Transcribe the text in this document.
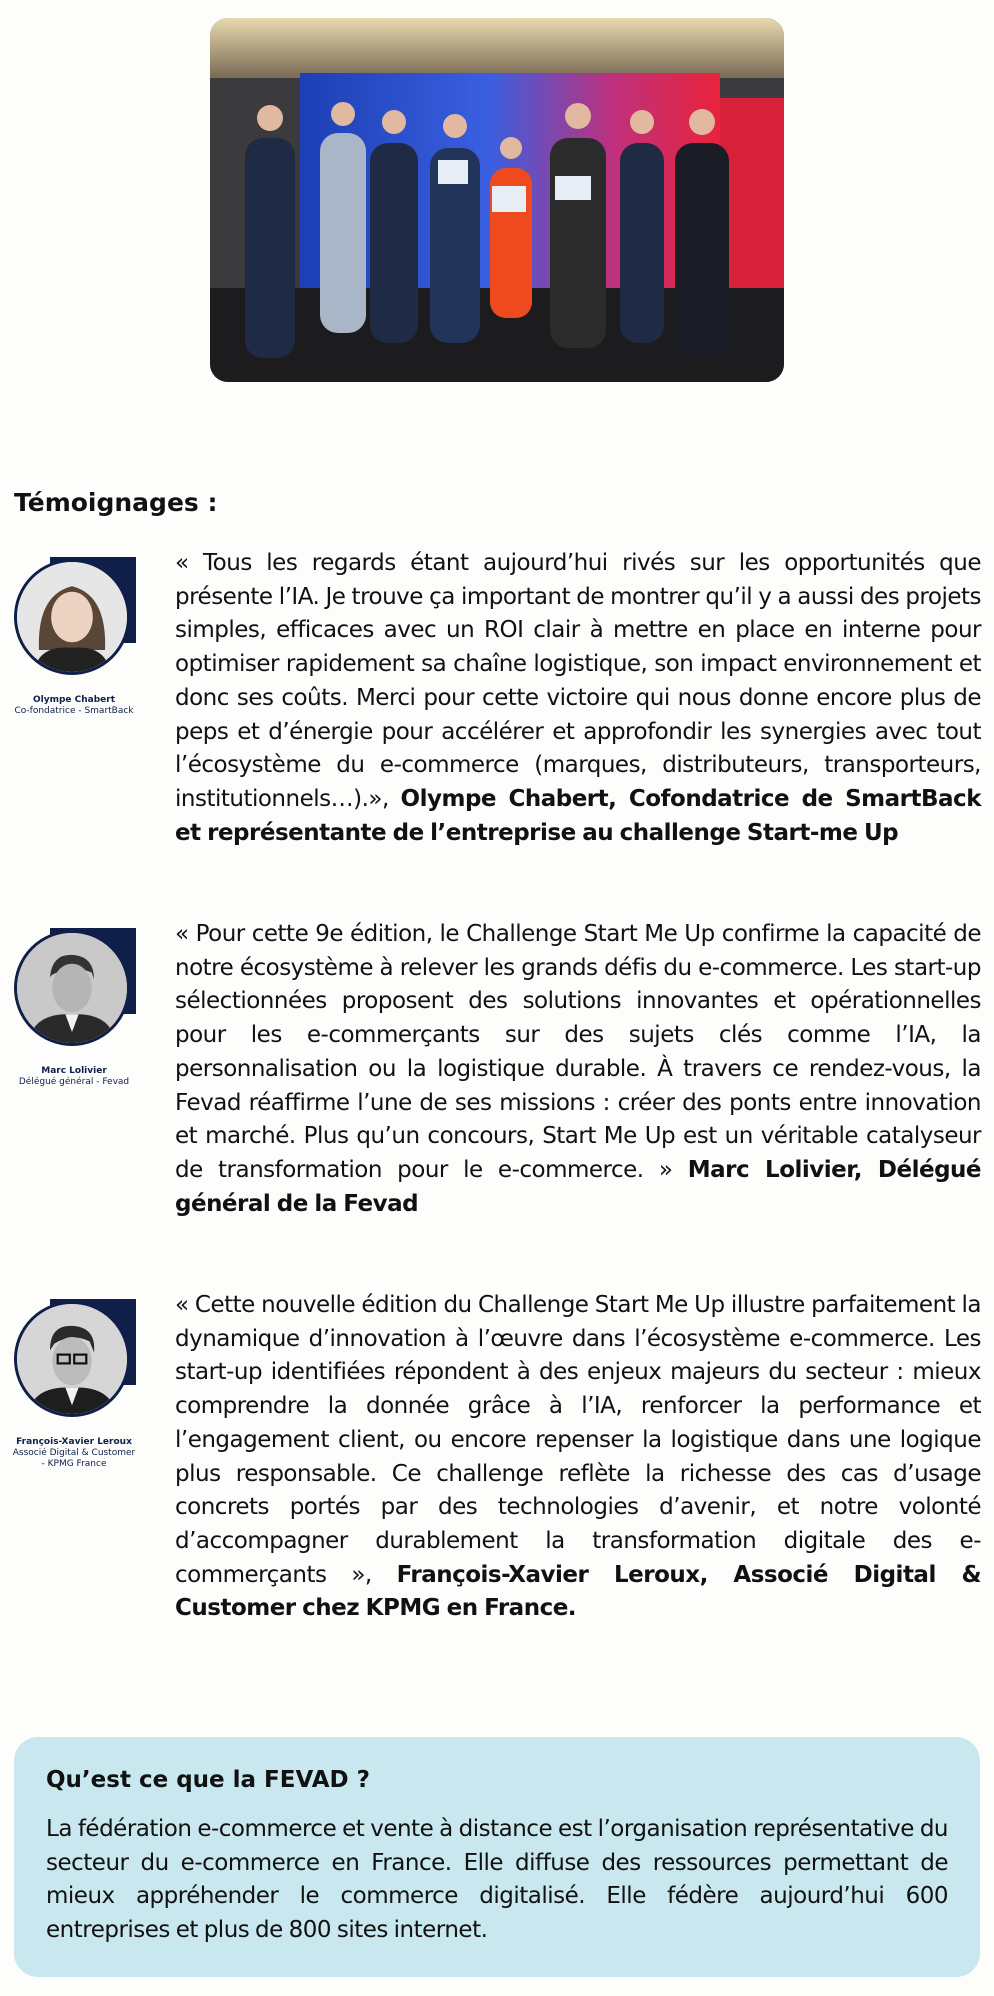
Témoignages :
Olympe Chabert
Co-fondatrice - SmartBack

« Tous les regards étant aujourd’hui rivés sur les opportunités que présente l’IA. Je trouve ça important de montrer qu’il y a aussi des projets simples, efficaces avec un ROI clair à mettre en place en interne pour optimiser rapidement sa chaîne logistique, son impact environnement et donc ses coûts. Merci pour cette victoire qui nous donne encore plus de peps et d’énergie pour accélérer et approfondir les synergies avec tout l’écosystème du e-commerce (marques, distributeurs, transporteurs, institutionnels…).», Olympe Chabert, Cofondatrice de SmartBack et représentante de l’entreprise au challenge Start-me Up

Marc Lolivier
Délégué général - Fevad

« Pour cette 9e édition, le Challenge Start Me Up confirme la capacité de notre écosystème à relever les grands défis du e-commerce. Les start-up sélectionnées proposent des solutions innovantes et opérationnelles pour les e-commerçants sur des sujets clés comme l’IA, la personnalisation ou la logistique durable. À travers ce rendez-vous, la Fevad réaffirme l’une de ses missions : créer des ponts entre innovation et marché. Plus qu’un concours, Start Me Up est un véritable catalyseur de transformation pour le e-commerce. » Marc Lolivier, Délégué général de la Fevad

François-Xavier Leroux
Associé Digital & Customer - KPMG France

« Cette nouvelle édition du Challenge Start Me Up illustre parfaitement la dynamique d’innovation à l’œuvre dans l’écosystème e-commerce. Les start-up identifiées répondent à des enjeux majeurs du secteur : mieux comprendre la donnée grâce à l’IA, renforcer la performance et l’engagement client, ou encore repenser la logistique dans une logique plus responsable. Ce challenge reflète la richesse des cas d’usage concrets portés par des technologies d’avenir, et notre volonté d’accompagner durablement la transformation digitale des e-commerçants », François-Xavier Leroux, Associé Digital & Customer chez KPMG en France.

Qu’est ce que la FEVAD ?

La fédération e-commerce et vente à distance est l’organisation représentative du secteur du e-commerce en France. Elle diffuse des ressources permettant de mieux appréhender le commerce digitalisé. Elle fédère aujourd’hui 600 entreprises et plus de 800 sites internet.
